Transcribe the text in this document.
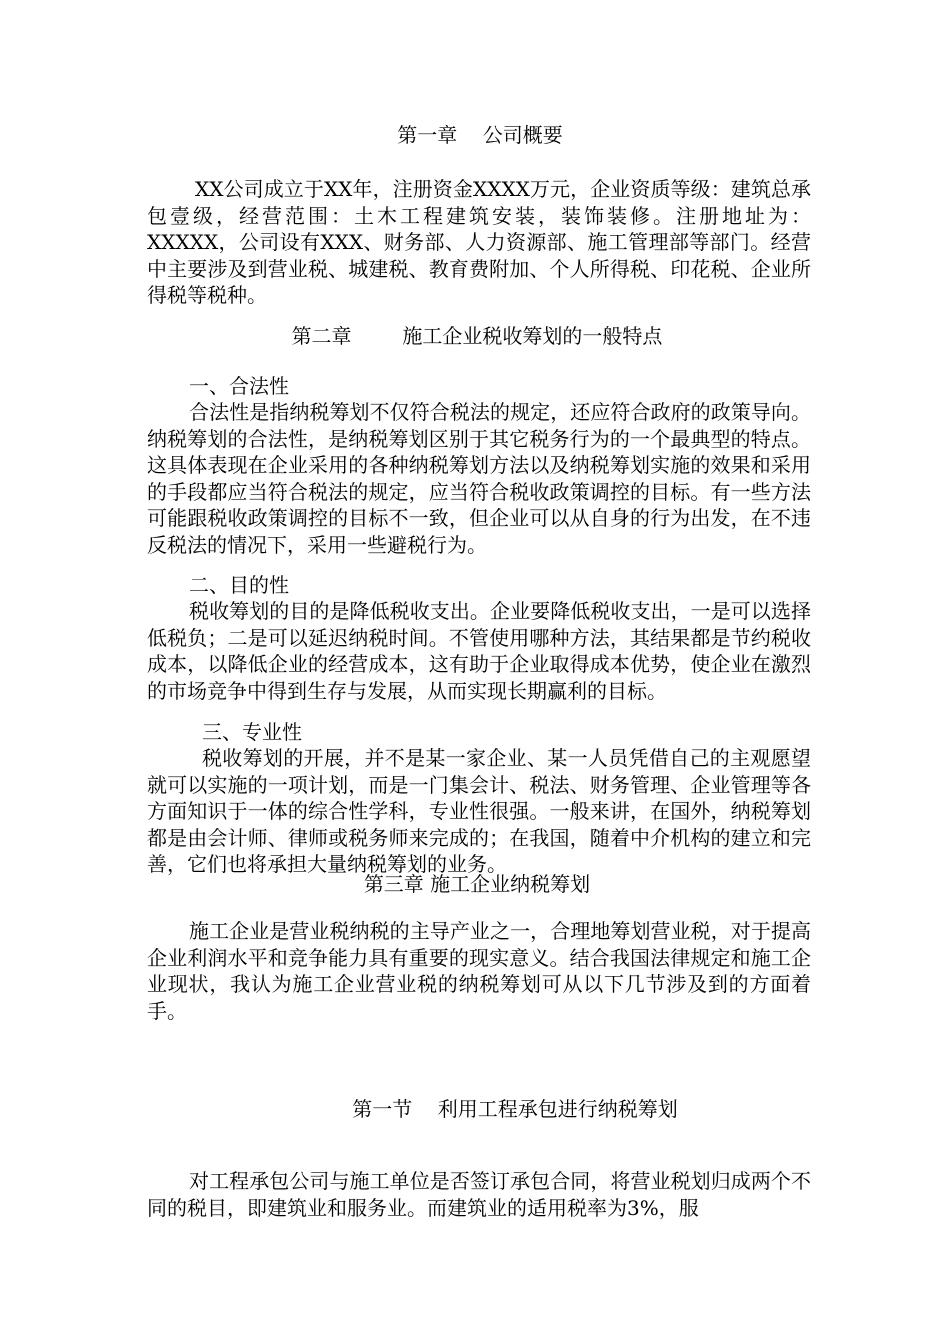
第一章    公司概要
XX公司成立于XX年，注册资金XXXX万元，企业资质等级：建筑总承包壹级，经营范围：土木工程建筑安装，装饰装修。注册地址为：XXXXX，公司设有XXX、财务部、人力资源部、施工管理部等部门。经营中主要涉及到营业税、城建税、教育费附加、个人所得税、印花税、企业所得税等税种。
第二章        施工企业税收筹划的一般特点
一、合法性
合法性是指纳税筹划不仅符合税法的规定，还应符合政府的政策导向。纳税筹划的合法性，是纳税筹划区别于其它税务行为的一个最典型的特点。这具体表现在企业采用的各种纳税筹划方法以及纳税筹划实施的效果和采用的手段都应当符合税法的规定，应当符合税收政策调控的目标。有一些方法可能跟税收政策调控的目标不一致，但企业可以从自身的行为出发，在不违反税法的情况下，采用一些避税行为。
二、目的性
税收筹划的目的是降低税收支出。企业要降低税收支出，一是可以选择低税负；二是可以延迟纳税时间。不管使用哪种方法，其结果都是节约税收成本，以降低企业的经营成本，这有助于企业取得成本优势，使企业在激烈的市场竞争中得到生存与发展，从而实现长期赢利的目标。
三、专业性
税收筹划的开展，并不是某一家企业、某一人员凭借自己的主观愿望就可以实施的一项计划，而是一门集会计、税法、财务管理、企业管理等各方面知识于一体的综合性学科，专业性很强。一般来讲，在国外，纳税筹划都是由会计师、律师或税务师来完成的；在我国，随着中介机构的建立和完善，它们也将承担大量纳税筹划的业务。
第三章 施工企业纳税筹划
施工企业是营业税纳税的主导产业之一，合理地筹划营业税，对于提高企业利润水平和竞争能力具有重要的现实意义。结合我国法律规定和施工企业现状，我认为施工企业营业税的纳税筹划可从以下几节涉及到的方面着手。
第一节    利用工程承包进行纳税筹划
对工程承包公司与施工单位是否签订承包合同，将营业税划归成两个不同的税目，即建筑业和服务业。而建筑业的适用税率为3%，服
